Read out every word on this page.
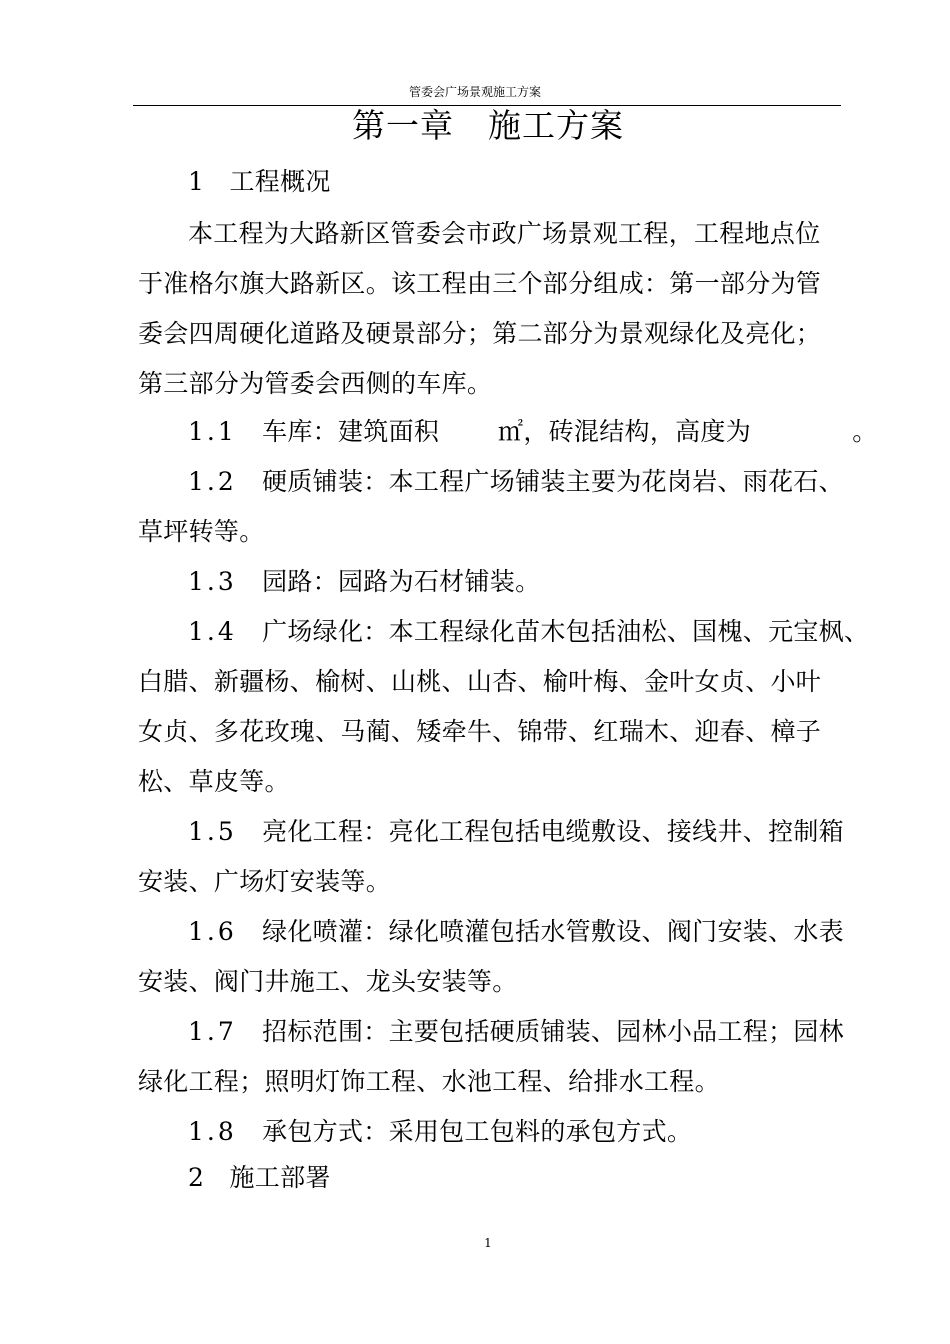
管委会广场景观施工方案
第一章　施工方案
1　工程概况
本工程为大路新区管委会市政广场景观工程，工程地点位
于准格尔旗大路新区。该工程由三个部分组成：第一部分为管
委会四周硬化道路及硬景部分；第二部分为景观绿化及亮化；
第三部分为管委会西侧的车库。
1.1　 车库：建筑面积　　 ㎡，砖混结构，高度为　　　　。
1.2　 硬质铺装：本工程广场铺装主要为花岗岩、雨花石、
草坪转等。
1.3　 园路：园路为石材铺装。
1.4　 广场绿化：本工程绿化苗木包括油松、国槐、元宝枫、
白腊、新疆杨、榆树、山桃、山杏、榆叶梅、金叶女贞、小叶
女贞、多花玫瑰、马蔺、矮牵牛、锦带、红瑞木、迎春、樟子
松、草皮等。
1.5　 亮化工程：亮化工程包括电缆敷设、接线井、控制箱
安装、广场灯安装等。
1.6　 绿化喷灌：绿化喷灌包括水管敷设、阀门安装、水表
安装、阀门井施工、龙头安装等。
1.7　 招标范围：主要包括硬质铺装、园林小品工程；园林
绿化工程；照明灯饰工程、水池工程、给排水工程。
1.8　 承包方式：采用包工包料的承包方式。
2　施工部署
1
